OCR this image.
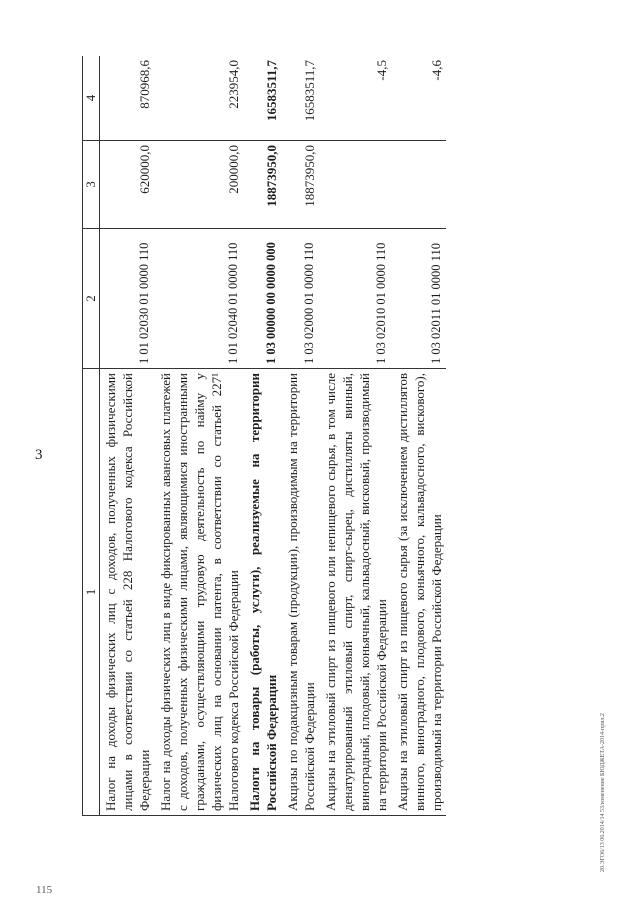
3
1	2	3	4
Налог на доходы физических лиц с доходов, полученных физическими лицами в соответствии со статьей 228 Налогового кодекса Российской Федерации	1 01 02030 01 0000 110	620000,0	870968,6
Налог на доходы физических лиц в виде фиксированных авансовых платежей с доходов, полученных физическими лицами, являющимися иностранными гражданами, осуществляющими трудовую деятельность по найму у физических лиц на основании патента, в соответствии со статьей 227¹ Налогового кодекса Российской Федерации	1 01 02040 01 0000 110	200000,0	223954,0
Налоги на товары (работы, услуги), реализуемые на территории Российской Федерации	1 03 00000 00 0000 000	18873950,0	16583511,7
Акцизы по подакцизным товарам (продукции), производимым на территории Российской Федерации	1 03 02000 01 0000 110	18873950,0	16583511,7
Акцизы на этиловый спирт из пищевого или непищевого сырья, в том числе денатурированный этиловый спирт, спирт-сырец, дистилляты винный, виноградный, плодовый, коньячный, кальвадосный, висковый, производимый на территории Российской Федерации	1 03 02010 01 0000 110		-4,5
Акцизы на этиловый спирт из пищевого сырья (за исключением дистиллятов винного, виноградного, плодового, коньячного, кальвадосного, вискового), производимый на территории Российской Федерации	1 03 02011 01 0000 110		-4,6
20.ЭГО6/13 06.2014/14 53/изменение БЮДЖЕТА-2014-прил.2
115
